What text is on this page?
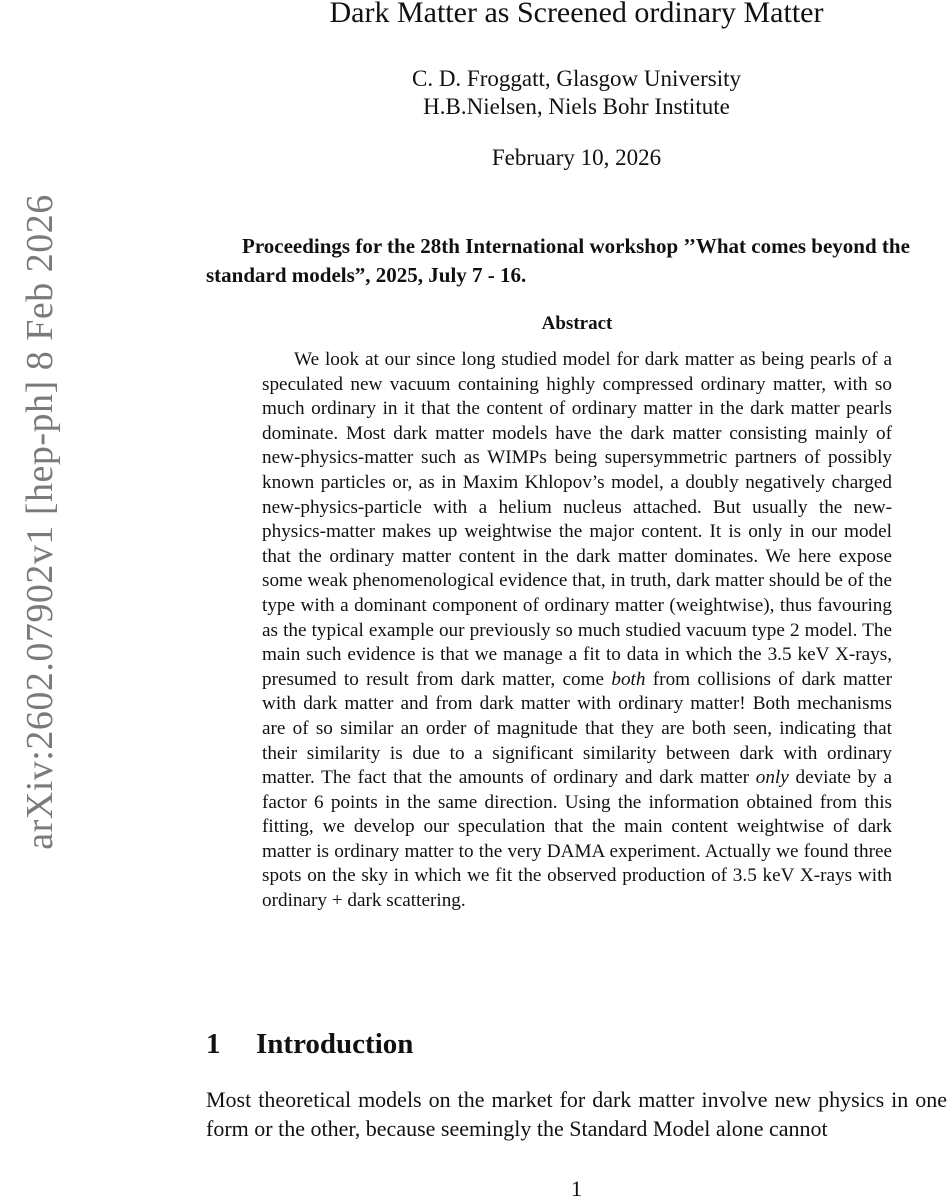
arXiv:2602.07902v1 [hep-ph] 8 Feb 2026
Dark Matter as Screened ordinary Matter
C. D. Froggatt, Glasgow University
H.B.Nielsen, Niels Bohr Institute
February 10, 2026

Proceedings for the 28th International workshop ’’What comes beyond the standard models”, 2025, July 7 - 16.

Abstract

We look at our since long studied model for dark matter as being pearls of a speculated new vacuum containing highly compressed ordinary matter, with so much ordinary in it that the content of ordinary matter in the dark matter pearls dominate. Most dark matter models have the dark matter consisting mainly of new-physics-matter such as WIMPs being supersymmetric partners of possibly known particles or, as in Maxim Khlopov’s model, a doubly negatively charged new-physics-particle with a helium nucleus attached. But usually the new-physics-matter makes up weightwise the major content. It is only in our model that the ordinary matter content in the dark matter dominates. We here expose some weak phenomenological evidence that, in truth, dark matter should be of the type with a dominant component of ordinary matter (weightwise), thus favouring as the typical example our previously so much studied vacuum type 2 model. The main such evidence is that we manage a fit to data in which the 3.5 keV X-rays, presumed to result from dark matter, come both from collisions of dark matter with dark matter and from dark matter with ordinary matter! Both mechanisms are of so similar an order of magnitude that they are both seen, indicating that their similarity is due to a significant similarity between dark with ordinary matter. The fact that the amounts of ordinary and dark matter only deviate by a factor 6 points in the same direction. Using the information obtained from this fitting, we develop our speculation that the main content weightwise of dark matter is ordinary matter to the very DAMA experiment. Actually we found three spots on the sky in which we fit the observed production of 3.5 keV X-rays with ordinary + dark scattering.

1 Introduction

Most theoretical models on the market for dark matter involve new physics in one form or the other, because seemingly the Standard Model alone cannot

1
